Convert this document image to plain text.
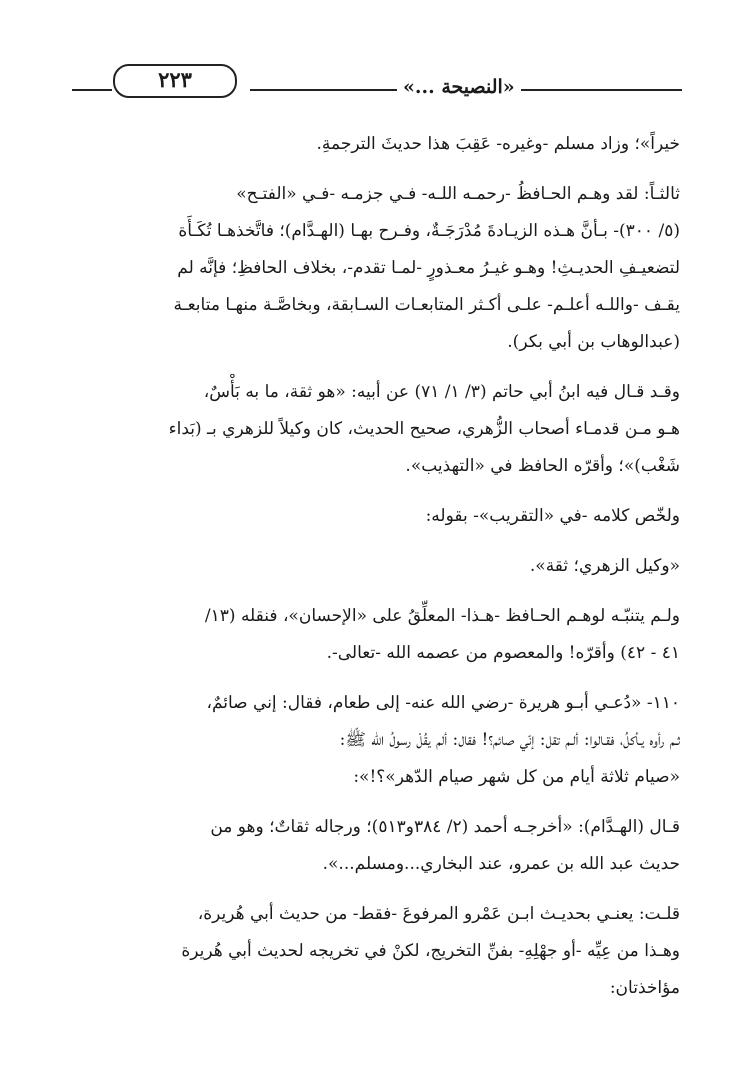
٢٢٣	«النصيحة ...»

خيراً»؛ وزاد مسلم -وغيره- عَقِبَ هذا حديثَ الترجمةِ.

ثالثـاً: لقد وهـم الحـافظُ -رحمـه اللـه- فـي جزمـه -فـي «الفتـح»

(٥/ ٣٠٠)- بـأنَّ هـذه الزيـادةَ مُدْرَجَـةٌ، وفـرح بهـا (الهـدَّام)؛ فاتَّخذهـا تُكَـأَة

لتضعيـفِ الحديـثِ! وهـو غيـرُ معـذورٍ -لمـا تقدم-، بخلاف الحافظِ؛ فإنَّه لم

يقـف -واللـه أعلـم- علـى أكـثر المتابعـات السـابقة، وبخاصَّـة منهـا متابعـة

(عبدالوهاب بن أبي بكر).

وقـد قـال فيه ابنُ أبي حاتم (٣/ ١/ ٧١) عن أبيه: «هو ثقة، ما به بَأْسٌ،

هـو مـن قدمـاء أصحاب الزُّهري، صحيح الحديث، كان وكيلاً للزهري بـ (بَداء

شَغْب)»؛ وأقرّه الحافظ في «التهذيب».

ولخّص كلامه -في «التقريب»- بقوله:

«وكيل الزهري؛ ثقة».

ولـم يتنبّـه لوهـم الحـافظ -هـذا- المعلِّقُ على «الإحسان»، فنقله (١٣/

٤١ - ٤٢) وأقرّه! والمعصوم من عصمه الله -تعالى-.

١١٠- «دُعـي أبـو هريرة -رضي الله عنه- إلى طعام، فقال: إني صائمٌ،

ثـم رأوه يـأكلُ، فقـالوا: ألـم تقل: إنّي صائم؟! فقال: ألم يقُلْ رسولُ الله ﷺ:

«صيام ثلاثة أيام من كل شهر صيام الدّهر»؟!»:

قـال (الهـدَّام): «أخرجـه أحمد (٢/ ٣٨٤و٥١٣)؛ ورجاله ثقاتٌ؛ وهو من

حديث عبد الله بن عمرو، عند البخاري...ومسلم...».

قلـت: يعنـي بحديـث ابـن عَمْرو المرفوعَ -فقط- من حديث أبي هُريرة،

وهـذا من عِيِّه -أو جهْلِهِ- بفنِّ التخريج، لكنْ في تخريجه لحديث أبي هُريرة

مؤاخذتان:
